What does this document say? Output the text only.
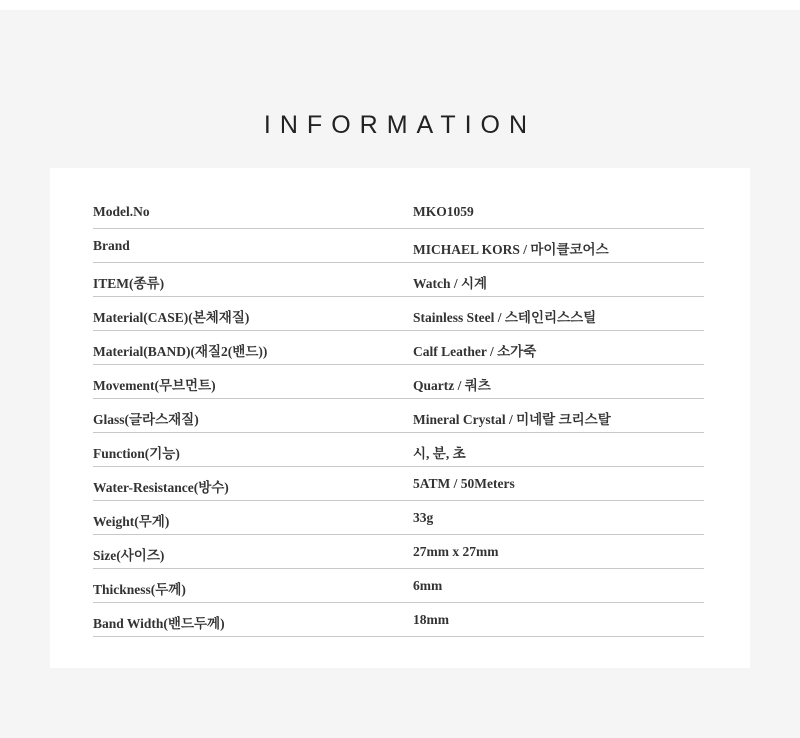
INFORMATION
Model.No	MKO1059
Brand	MICHAEL KORS / 마이클코어스
ITEM(종류)	Watch / 시계
Material(CASE)(본체재질)	Stainless Steel / 스테인리스스틸
Material(BAND)(재질2(밴드))	Calf Leather / 소가죽
Movement(무브먼트)	Quartz / 쿼츠
Glass(글라스재질)	Mineral Crystal / 미네랄 크리스탈
Function(기능)	시, 분, 초
Water-Resistance(방수)	5ATM / 50Meters
Weight(무게)	33g
Size(사이즈)	27mm x 27mm
Thickness(두께)	6mm
Band Width(밴드두께)	18mm
